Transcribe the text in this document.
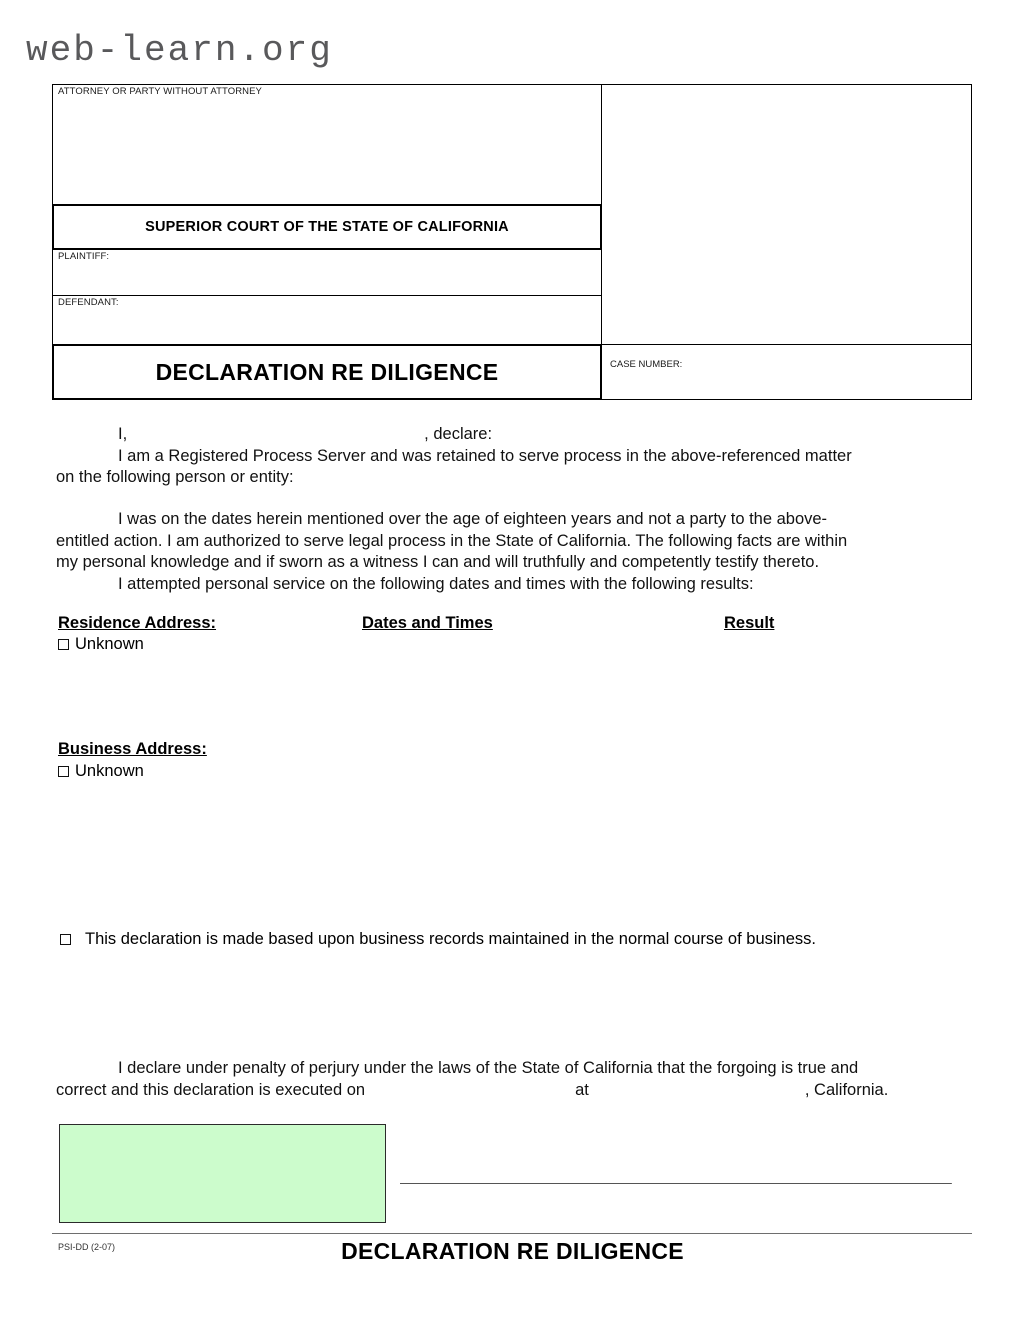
web-learn.org
ATTORNEY OR PARTY WITHOUT ATTORNEY
SUPERIOR COURT OF THE STATE OF CALIFORNIA
PLAINTIFF:
DEFENDANT:
DECLARATION RE DILIGENCE	CASE NUMBER:
I,	, declare:
I am a Registered Process Server and was retained to serve process in the above-referenced matter
on the following person or entity:
I was on the dates herein mentioned over the age of eighteen years and not a party to the above-
entitled action. I am authorized to serve legal process in the State of California. The following facts are within
my personal knowledge and if sworn as a witness I can and will truthfully and competently testify thereto.
I attempted personal service on the following dates and times with the following results:
Residence Address:	Dates and Times	Result
Unknown
Business Address:
Unknown
This declaration is made based upon business records maintained in the normal course of business.
I declare under penalty of perjury under the laws of the State of California that the forgoing is true and
correct and this declaration is executed on	at	, California.
______________________________________________________________
PSI-DD (2-07)	DECLARATION RE DILIGENCE
